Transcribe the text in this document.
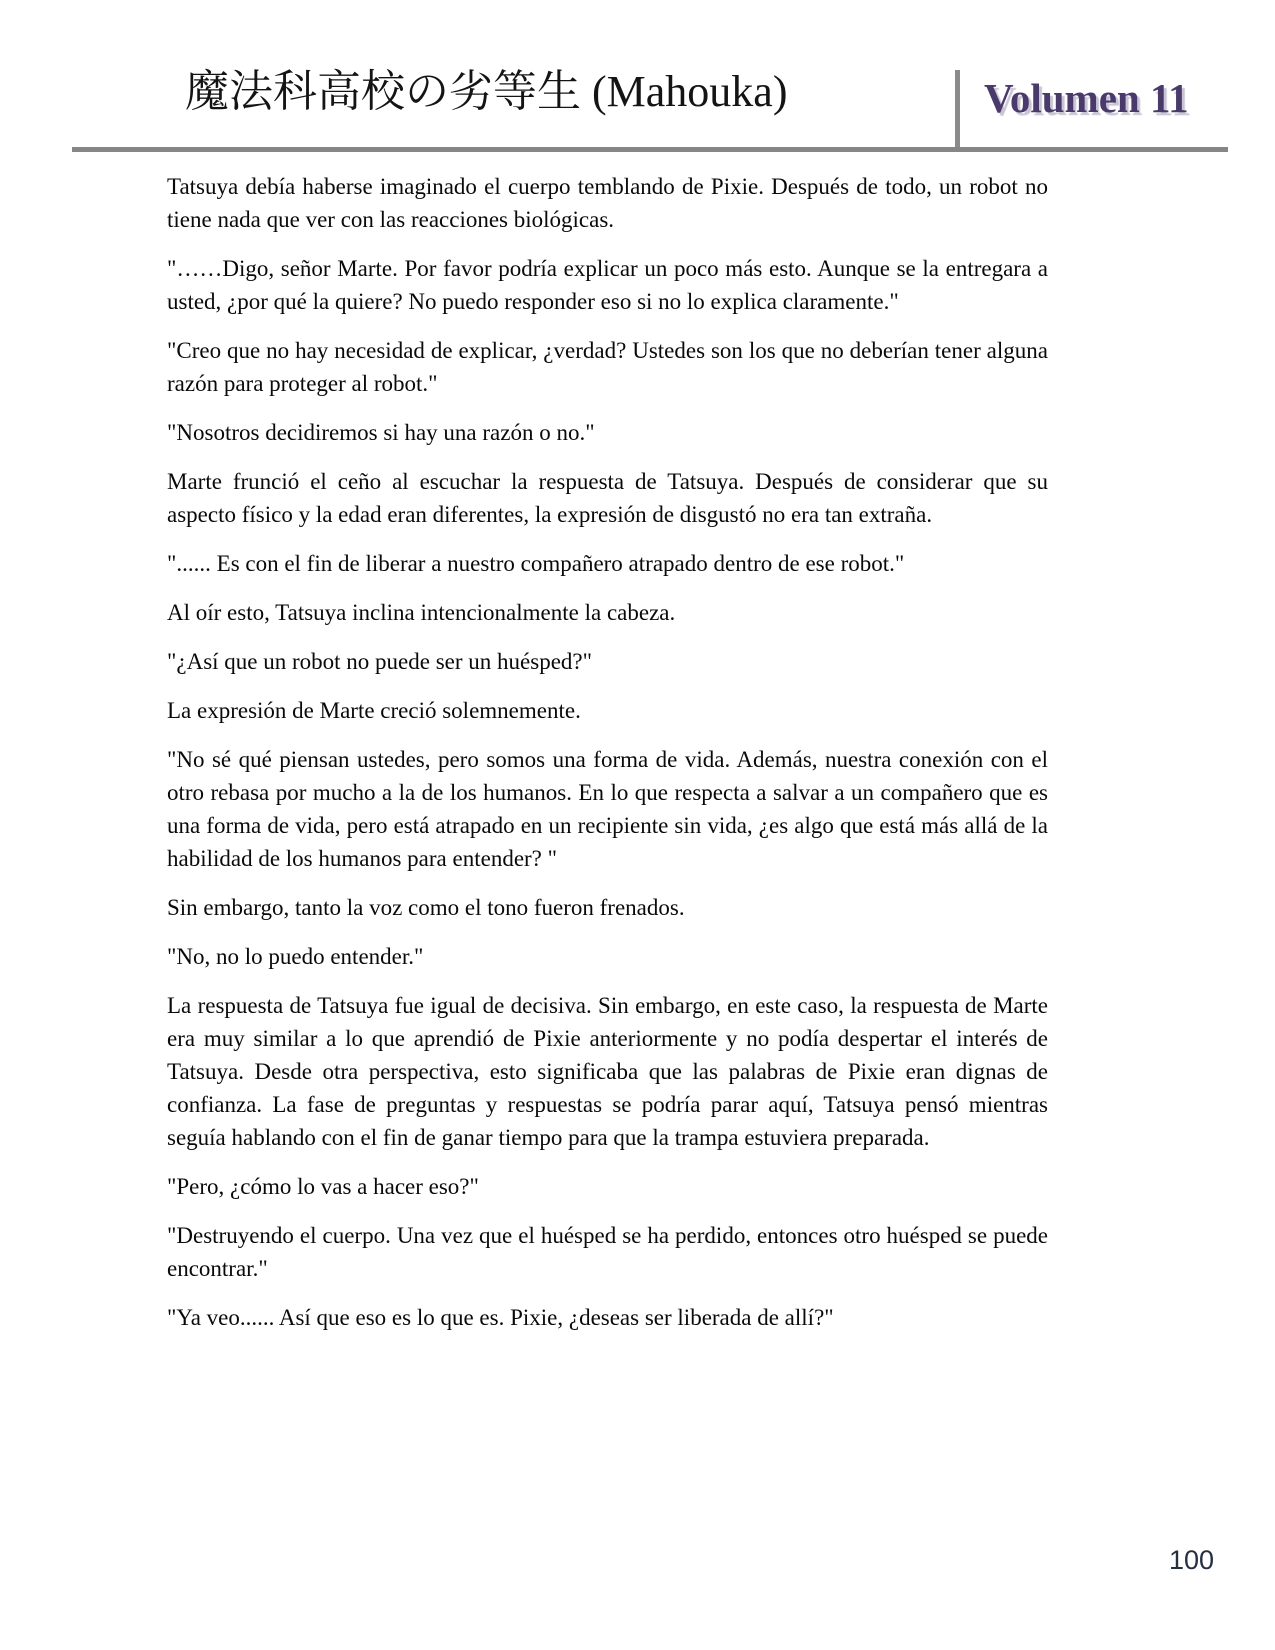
魔法科高校の劣等生 (Mahouka)	Volumen 11

Tatsuya debía haberse imaginado el cuerpo temblando de Pixie. Después de todo, un robot no tiene nada que ver con las reacciones biológicas.

"……Digo, señor Marte. Por favor podría explicar un poco más esto. Aunque se la entregara a usted, ¿por qué la quiere? No puedo responder eso si no lo explica claramente."

"Creo que no hay necesidad de explicar, ¿verdad? Ustedes son los que no deberían tener alguna razón para proteger al robot."

"Nosotros decidiremos si hay una razón o no."

Marte frunció el ceño al escuchar la respuesta de Tatsuya. Después de considerar que su aspecto físico y la edad eran diferentes, la expresión de disgustó no era tan extraña.

"...... Es con el fin de liberar a nuestro compañero atrapado dentro de ese robot."

Al oír esto, Tatsuya inclina intencionalmente la cabeza.

"¿Así que un robot no puede ser un huésped?"

La expresión de Marte creció solemnemente.

"No sé qué piensan ustedes, pero somos una forma de vida. Además, nuestra conexión con el otro rebasa por mucho a la de los humanos. En lo que respecta a salvar a un compañero que es una forma de vida, pero está atrapado en un recipiente sin vida, ¿es algo que está más allá de la habilidad de los humanos para entender? "

Sin embargo, tanto la voz como el tono fueron frenados.

"No, no lo puedo entender."

La respuesta de Tatsuya fue igual de decisiva. Sin embargo, en este caso, la respuesta de Marte era muy similar a lo que aprendió de Pixie anteriormente y no podía despertar el interés de Tatsuya. Desde otra perspectiva, esto significaba que las palabras de Pixie eran dignas de confianza. La fase de preguntas y respuestas se podría parar aquí, Tatsuya pensó mientras seguía hablando con el fin de ganar tiempo para que la trampa estuviera preparada.

"Pero, ¿cómo lo vas a hacer eso?"

"Destruyendo el cuerpo. Una vez que el huésped se ha perdido, entonces otro huésped se puede encontrar."

"Ya veo...... Así que eso es lo que es. Pixie, ¿deseas ser liberada de allí?"

100
